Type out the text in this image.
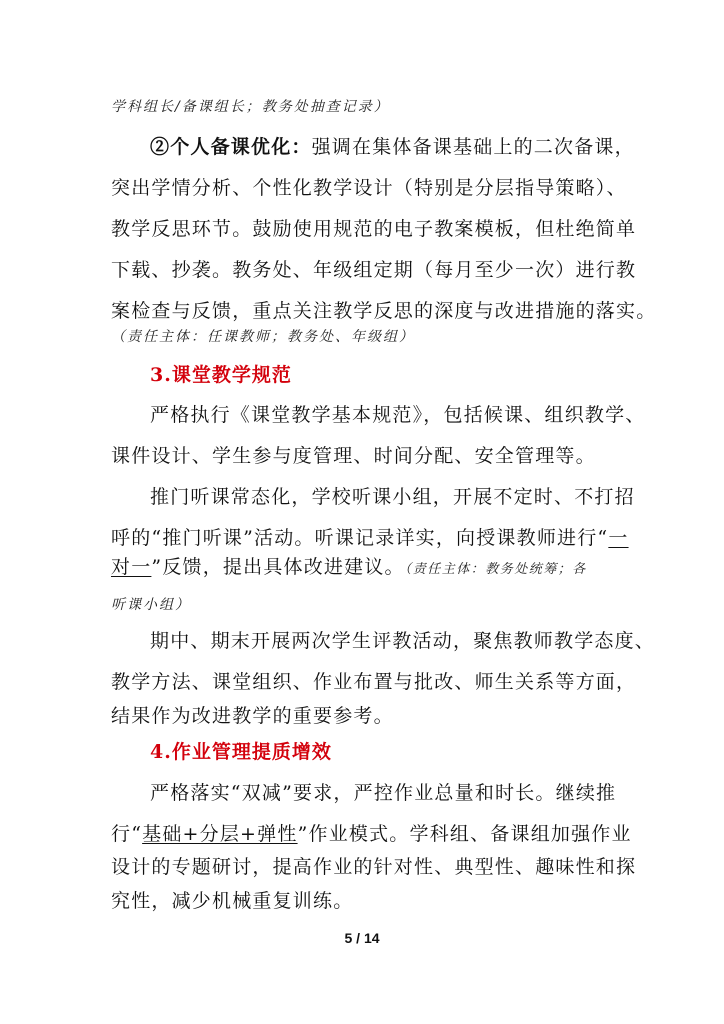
学科组长/备课组长；教务处抽查记录）
②个人备课优化：强调在集体备课基础上的二次备课，
突出学情分析、个性化教学设计（特别是分层指导策略）、
教学反思环节。鼓励使用规范的电子教案模板，但杜绝简单
下载、抄袭。教务处、年级组定期（每月至少一次）进行教
案检查与反馈，重点关注教学反思的深度与改进措施的落实。
（责任主体：任课教师；教务处、年级组）
3.课堂教学规范
严格执行《课堂教学基本规范》，包括候课、组织教学、
课件设计、学生参与度管理、时间分配、安全管理等。
推门听课常态化，学校听课小组，开展不定时、不打招
呼的“推门听课”活动。听课记录详实，向授课教师进行“一
对一”反馈，提出具体改进建议。（责任主体：教务处统筹；各
听课小组）
期中、期末开展两次学生评教活动，聚焦教师教学态度、
教学方法、课堂组织、作业布置与批改、师生关系等方面，
结果作为改进教学的重要参考。
4.作业管理提质增效
严格落实“双减”要求，严控作业总量和时长。继续推
行“基础+分层+弹性”作业模式。学科组、备课组加强作业
设计的专题研讨，提高作业的针对性、典型性、趣味性和探
究性，减少机械重复训练。
5 / 14
